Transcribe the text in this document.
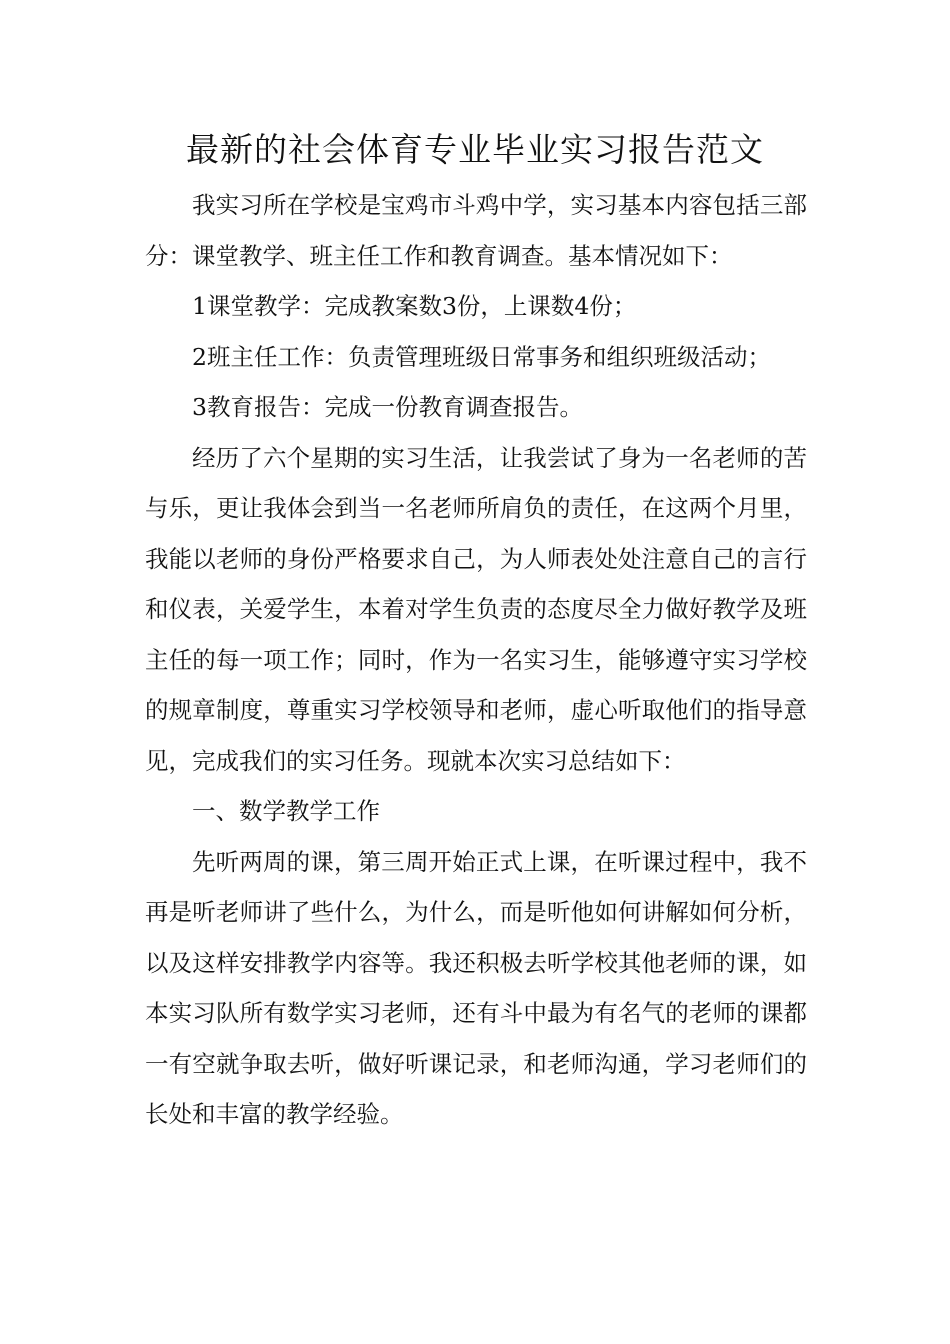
最新的社会体育专业毕业实习报告范文

我实习所在学校是宝鸡市斗鸡中学，实习基本内容包括三部分：课堂教学、班主任工作和教育调查。基本情况如下：

1课堂教学：完成教案数3份，上课数4份；

2班主任工作：负责管理班级日常事务和组织班级活动；

3教育报告：完成一份教育调查报告。

经历了六个星期的实习生活，让我尝试了身为一名老师的苦与乐，更让我体会到当一名老师所肩负的责任，在这两个月里，我能以老师的身份严格要求自己，为人师表处处注意自己的言行和仪表，关爱学生，本着对学生负责的态度尽全力做好教学及班主任的每一项工作；同时，作为一名实习生，能够遵守实习学校的规章制度，尊重实习学校领导和老师，虚心听取他们的指导意见，完成我们的实习任务。现就本次实习总结如下：

一、数学教学工作

先听两周的课，第三周开始正式上课，在听课过程中，我不再是听老师讲了些什么，为什么，而是听他如何讲解如何分析，以及这样安排教学内容等。我还积极去听学校其他老师的课，如本实习队所有数学实习老师，还有斗中最为有名气的老师的课都一有空就争取去听，做好听课记录，和老师沟通，学习老师们的长处和丰富的教学经验。
